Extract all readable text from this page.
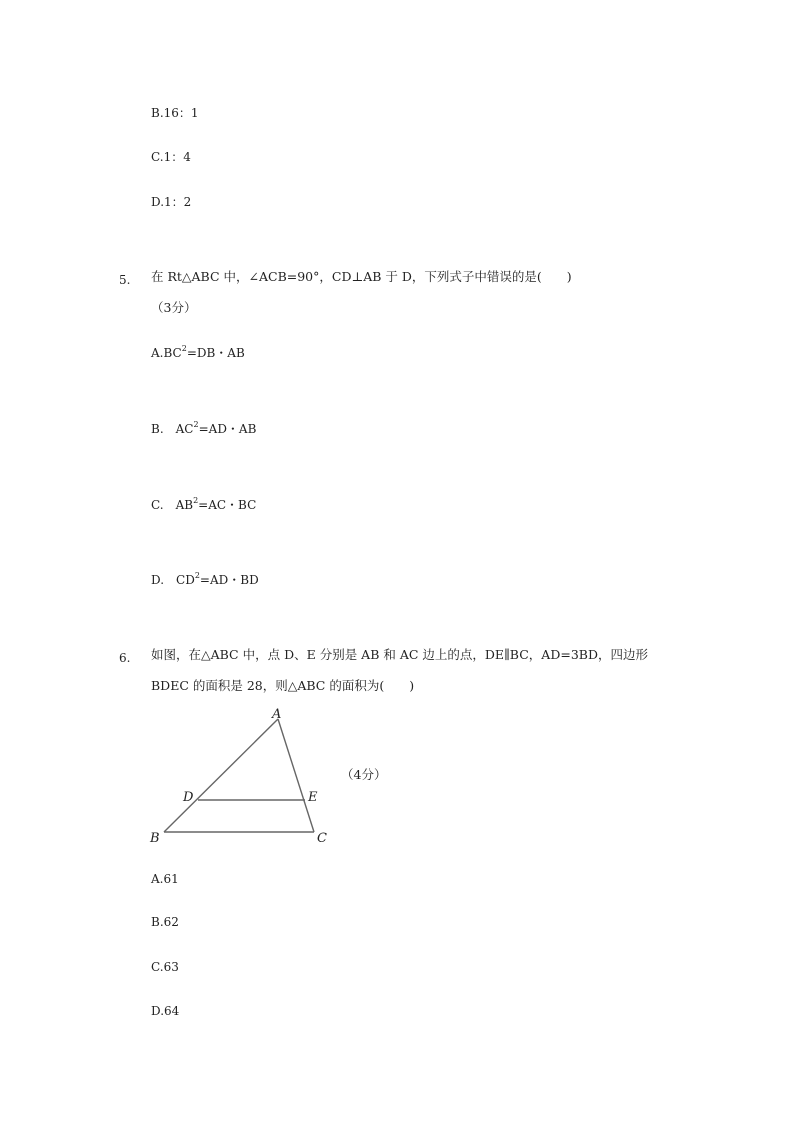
B.16：1
C.1：4
D.1：2
5. 在 Rt△ABC 中，∠ACB=90°，CD⊥AB 于 D，下列式子中错误的是(　　)
（3分）
$A.BC^2=DB$・AB
B.　$AC^2=AD$・AB
C.　$AB^2=AC$・BC
D.　$CD^2=AD$・BD
6. 如图，在△ABC 中，点 D、E 分别是 AB 和 AC 边上的点，DE∥BC，AD=3BD，四边形
BDEC 的面积是 28，则△ABC 的面积为(　　)
A
B	C
D	E
（4分）
A.61
B.62
C.63
D.64
